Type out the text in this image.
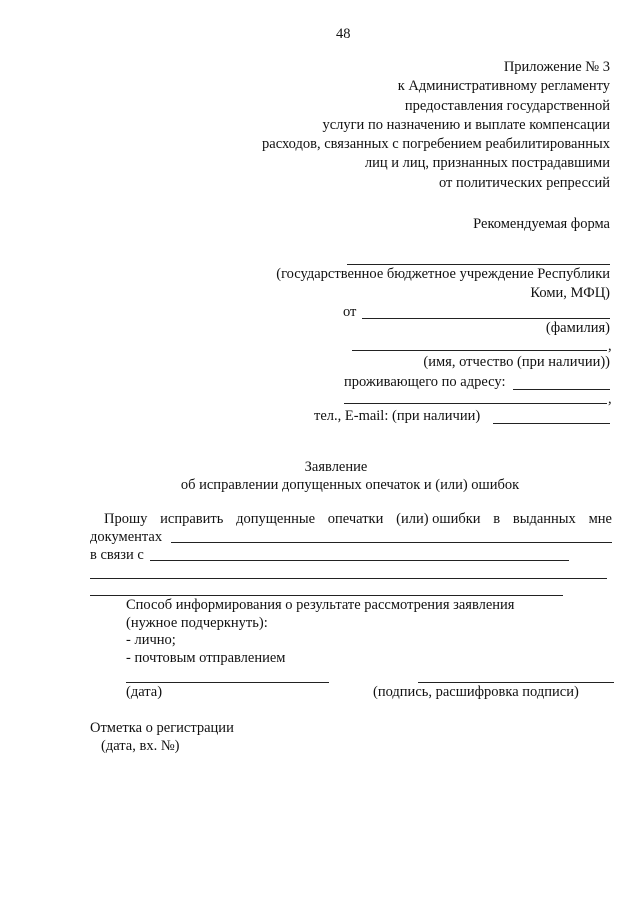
48
Приложение № 3
к Административному регламенту
предоставления государственной
услуги по назначению и выплате компенсации
расходов, связанных с погребением реабилитированных
лиц и лиц, признанных пострадавшими
от политических репрессий
Рекомендуемая форма
(государственное бюджетное учреждение Республики
Коми, МФЦ)
от
(фамилия)
,
(имя, отчество (при наличии))
проживающего по адресу:
,
тел., E-mail: (при наличии)
Заявление
об исправлении допущенных опечаток и (или) ошибок
Прошу исправить допущенные опечатки (или) ошибки в выданных мне
документах
в связи с
Способ информирования о результате рассмотрения заявления
(нужное подчеркнуть):
- лично;
- почтовым отправлением
(дата)	(подпись, расшифровка подписи)
Отметка о регистрации
(дата, вх. №)
